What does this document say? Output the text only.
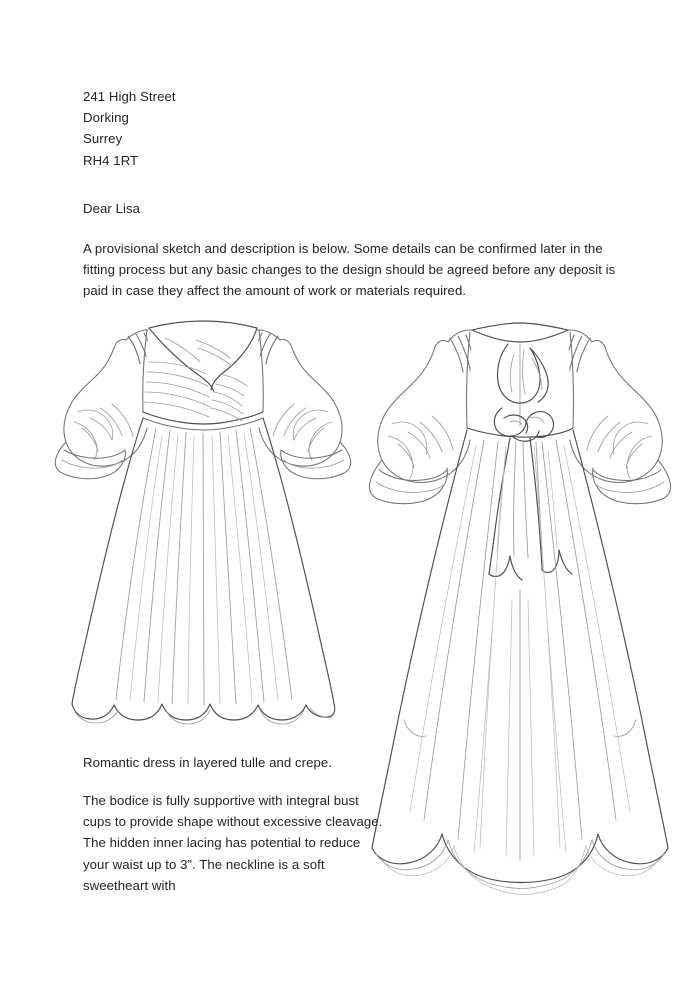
241 High Street
Dorking
Surrey
RH4 1RT
Dear Lisa
A provisional sketch and description is below. Some details can be confirmed later in the fitting process but any basic changes to the design should be agreed before any deposit is paid in case they affect the amount of work or materials required.
Romantic dress in layered tulle and crepe.
The bodice is fully supportive with integral bust cups to provide shape without excessive cleavage. The hidden inner lacing has potential to reduce your waist up to 3”. The neckline is a soft sweetheart with
